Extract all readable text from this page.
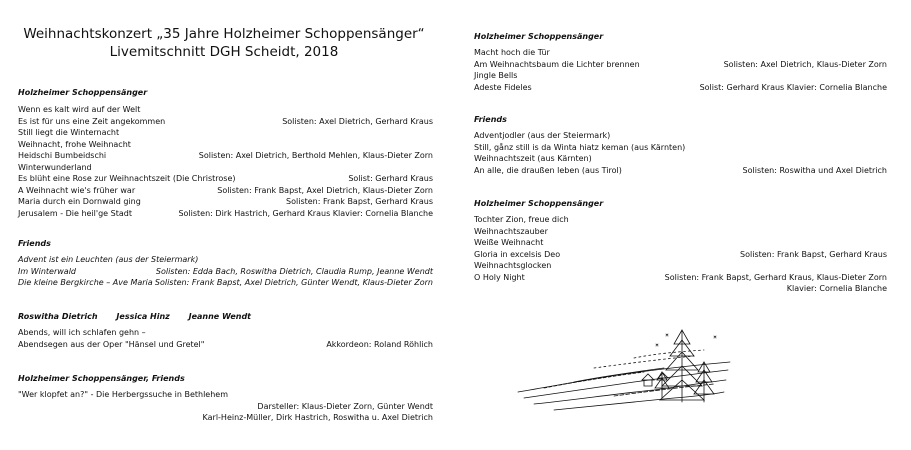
Weihnachtskonzert „35 Jahre Holzheimer Schoppensänger“
Livemitschnitt DGH Scheidt, 2018
Holzheimer Schoppensänger
Wenn es kalt wird auf der Welt
Es ist für uns eine Zeit angekommen	Solisten: Axel Dietrich, Gerhard Kraus
Still liegt die Winternacht
Weihnacht, frohe Weihnacht
Heidschi Bumbeidschi	Solisten: Axel Dietrich, Berthold Mehlen, Klaus-Dieter Zorn
Winterwunderland
Es blüht eine Rose zur Weihnachtszeit (Die Christrose)	Solist: Gerhard Kraus
A Weihnacht wie's früher war	Solisten: Frank Bapst, Axel Dietrich, Klaus-Dieter Zorn
Maria durch ein Dornwald ging	Solisten: Frank Bapst, Gerhard Kraus
Jerusalem - Die heil'ge Stadt	Solisten: Dirk Hastrich, Gerhard Kraus Klavier: Cornelia Blanche
Friends
Advent ist ein Leuchten (aus der Steiermark)
Im Winterwald	Solisten: Edda Bach, Roswitha Dietrich, Claudia Rump, Jeanne Wendt
Die kleine Bergkirche – Ave Maria Solisten: Frank Bapst, Axel Dietrich, Günter Wendt, Klaus-Dieter Zorn
Roswitha Dietrich Jessica Hinz Jeanne Wendt
Abends, will ich schlafen gehn –
Abendsegen aus der Oper "Hänsel und Gretel"	Akkordeon: Roland Röhlich
Holzheimer Schoppensänger, Friends
"Wer klopfet an?" - Die Herbergssuche in Bethlehem
Darsteller: Klaus-Dieter Zorn, Günter Wendt
Karl-Heinz-Müller, Dirk Hastrich, Roswitha u. Axel Dietrich
Holzheimer Schoppensänger
Macht hoch die Tür
Am Weihnachtsbaum die Lichter brennen	Solisten: Axel Dietrich, Klaus-Dieter Zorn
Jingle Bells
Adeste Fideles	Solist: Gerhard Kraus Klavier: Cornelia Blanche
Friends
Adventjodler (aus der Steiermark)
Still, gånz still is da Winta hiatz keman (aus Kärnten)
Weihnachtszeit (aus Kärnten)
An alle, die draußen leben (aus Tirol)	Solisten: Roswitha und Axel Dietrich
Holzheimer Schoppensänger
Tochter Zion, freue dich
Weihnachtszauber
Weiße Weihnacht
Gloria in excelsis Deo	Solisten: Frank Bapst, Gerhard Kraus
Weihnachtsglocken
O Holy Night	Solisten: Frank Bapst, Gerhard Kraus, Klaus-Dieter Zorn
Klavier: Cornelia Blanche
